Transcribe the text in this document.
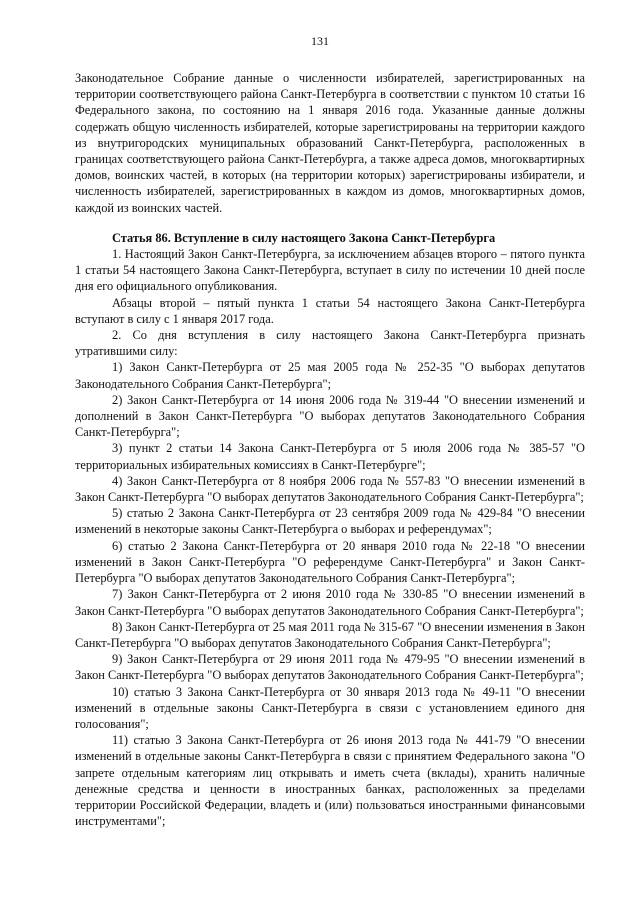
131

Законодательное Собрание данные о численности избирателей, зарегистрированных на территории соответствующего района Санкт-Петербурга в соответствии с пунктом 10 статьи 16 Федерального закона, по состоянию на 1 января 2016 года. Указанные данные должны содержать общую численность избирателей, которые зарегистрированы на территории каждого из внутригородских муниципальных образований Санкт-Петербурга, расположенных в границах соответствующего района Санкт-Петербурга, а также адреса домов, многоквартирных домов, воинских частей, в которых (на территории которых) зарегистрированы избиратели, и численность избирателей, зарегистрированных в каждом из домов, многоквартирных домов, каждой из воинских частей.

Статья 86. Вступление в силу настоящего Закона Санкт-Петербурга

1. Настоящий Закон Санкт-Петербурга, за исключением абзацев второго – пятого пункта 1 статьи 54 настоящего Закона Санкт-Петербурга, вступает в силу по истечении 10 дней после дня его официального опубликования.

Абзацы второй – пятый пункта 1 статьи 54 настоящего Закона Санкт-Петербурга вступают в силу с 1 января 2017 года.

2. Со дня вступления в силу настоящего Закона Санкт-Петербурга признать утратившими силу:

1) Закон Санкт-Петербурга от 25 мая 2005 года № 252-35 "О выборах депутатов Законодательного Собрания Санкт-Петербурга";

2) Закон Санкт-Петербурга от 14 июня 2006 года № 319-44 "О внесении изменений и дополнений в Закон Санкт-Петербурга "О выборах депутатов Законодательного Собрания Санкт-Петербурга";

3) пункт 2 статьи 14 Закона Санкт-Петербурга от 5 июля 2006 года № 385-57 "О территориальных избирательных комиссиях в Санкт-Петербурге";

4) Закон Санкт-Петербурга от 8 ноября 2006 года № 557-83 "О внесении изменений в Закон Санкт-Петербурга "О выборах депутатов Законодательного Собрания Санкт-Петербурга";

5) статью 2 Закона Санкт-Петербурга от 23 сентября 2009 года № 429-84 "О внесении изменений в некоторые законы Санкт-Петербурга о выборах и референдумах";

6) статью 2 Закона Санкт-Петербурга от 20 января 2010 года № 22-18 "О внесении изменений в Закон Санкт-Петербурга "О референдуме Санкт-Петербурга" и Закон Санкт-Петербурга "О выборах депутатов Законодательного Собрания Санкт-Петербурга";

7) Закон Санкт-Петербурга от 2 июня 2010 года № 330-85 "О внесении изменений в Закон Санкт-Петербурга "О выборах депутатов Законодательного Собрания Санкт-Петербурга";

8) Закон Санкт-Петербурга от 25 мая 2011 года № 315-67 "О внесении изменения в Закон Санкт-Петербурга "О выборах депутатов Законодательного Собрания Санкт-Петербурга";

9) Закон Санкт-Петербурга от 29 июня 2011 года № 479-95 "О внесении изменений в Закон Санкт-Петербурга "О выборах депутатов Законодательного Собрания Санкт-Петербурга";

10) статью 3 Закона Санкт-Петербурга от 30 января 2013 года № 49-11 "О внесении изменений в отдельные законы Санкт-Петербурга в связи с установлением единого дня голосования";

11) статью 3 Закона Санкт-Петербурга от 26 июня 2013 года № 441-79 "О внесении изменений в отдельные законы Санкт-Петербурга в связи с принятием Федерального закона "О запрете отдельным категориям лиц открывать и иметь счета (вклады), хранить наличные денежные средства и ценности в иностранных банках, расположенных за пределами территории Российской Федерации, владеть и (или) пользоваться иностранными финансовыми инструментами";
